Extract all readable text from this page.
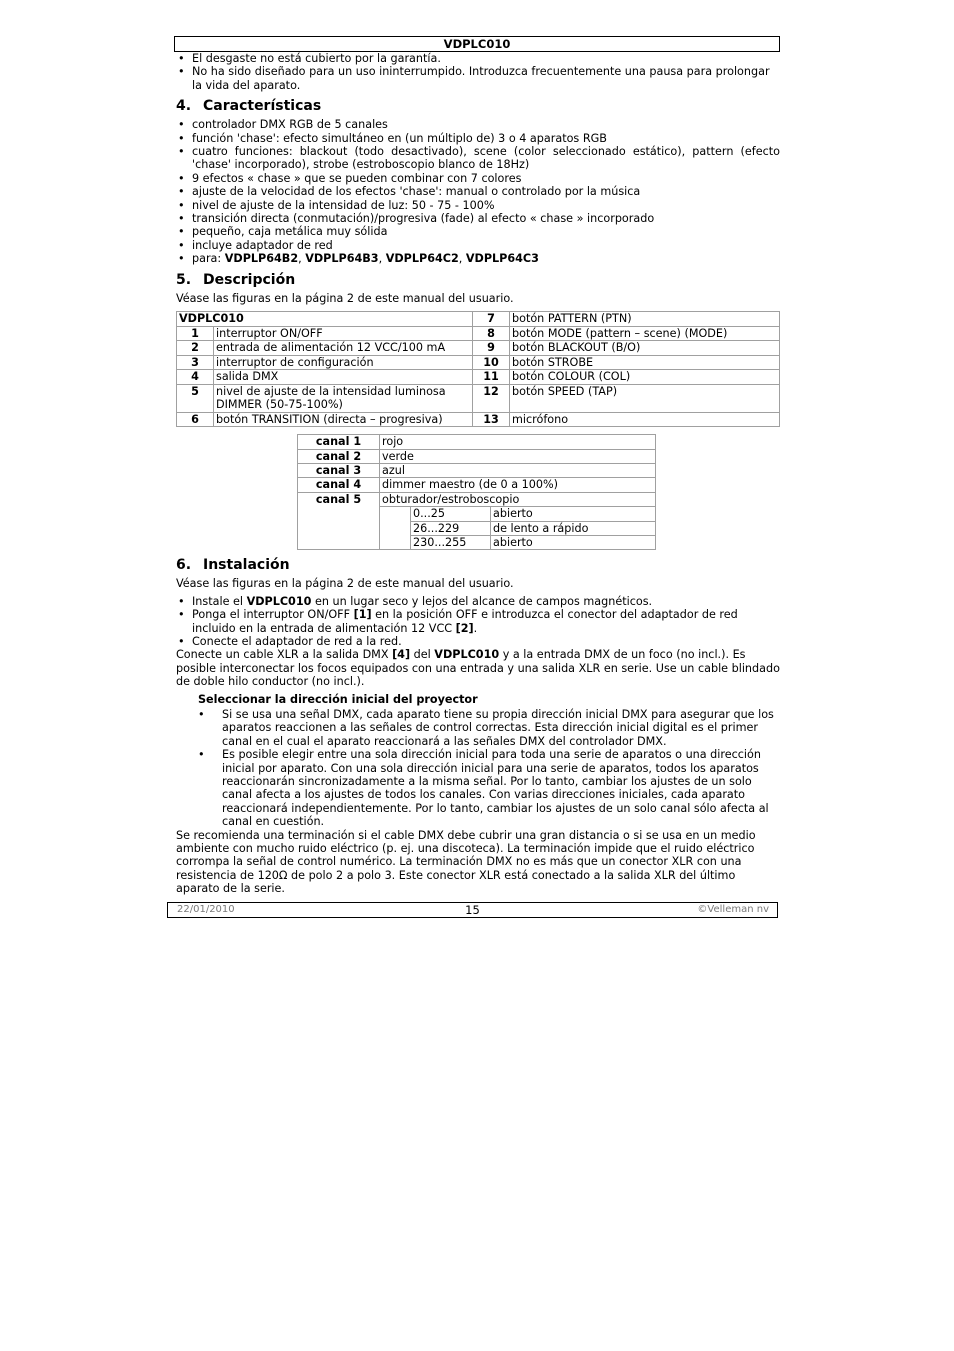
VDPLC010
• El desgaste no está cubierto por la garantía.
• No ha sido diseñado para un uso ininterrumpido. Introduzca frecuentemente una pausa para prolongar la vida del aparato.
4. Características
• controlador DMX RGB de 5 canales
• función 'chase': efecto simultáneo en (un múltiplo de) 3 o 4 aparatos RGB
• cuatro funciones: blackout (todo desactivado), scene (color seleccionado estático), pattern (efecto 'chase' incorporado), strobe (estroboscopio blanco de 18Hz)
• 9 efectos « chase » que se pueden combinar con 7 colores
• ajuste de la velocidad de los efectos 'chase': manual o controlado por la música
• nivel de ajuste de la intensidad de luz: 50 - 75 - 100%
• transición directa (conmutación)/progresiva (fade) al efecto « chase » incorporado
• pequeño, caja metálica muy sólida
• incluye adaptador de red
• para: VDPLP64B2, VDPLP64B3, VDPLP64C2, VDPLP64C3
5. Descripción

Véase las figuras en la página 2 de este manual del usuario.

VDPLC010		7	botón PATTERN (PTN)
1	interruptor ON/OFF	8	botón MODE (pattern – scene) (MODE)
2	entrada de alimentación 12 VCC/100 mA	9	botón BLACKOUT (B/O)
3	interruptor de configuración	10	botón STROBE
4	salida DMX	11	botón COLOUR (COL)
5	nivel de ajuste de la intensidad luminosa DIMMER (50-75-100%)	12	botón SPEED (TAP)
6	botón TRANSITION (directa – progresiva)	13	micrófono
canal 1	rojo		
canal 2	verde		
canal 3	azul		
canal 4	dimmer maestro (de 0 a 100%)		
canal 5	obturador/estroboscopio		
		0...25	abierto
		26...229	de lento a rápido
		230...255	abierto
6. Instalación

Véase las figuras en la página 2 de este manual del usuario.

• Instale el VDPLC010 en un lugar seco y lejos del alcance de campos magnéticos.
• Ponga el interruptor ON/OFF [1] en la posición OFF e introduzca el conector del adaptador de red incluido en la entrada de alimentación 12 VCC [2].
• Conecte el adaptador de red a la red.

Conecte un cable XLR a la salida DMX [4] del VDPLC010 y a la entrada DMX de un foco (no incl.). Es posible interconectar los focos equipados con una entrada y una salida XLR en serie. Use un cable blindado de doble hilo conductor (no incl.).

Seleccionar la dirección inicial del proyector
• Si se usa una señal DMX, cada aparato tiene su propia dirección inicial DMX para asegurar que los aparatos reaccionen a las señales de control correctas. Esta dirección inicial digital es el primer canal en el cual el aparato reaccionará a las señales DMX del controlador DMX.
• Es posible elegir entre una sola dirección inicial para toda una serie de aparatos o una dirección inicial por aparato. Con una sola dirección inicial para una serie de aparatos, todos los aparatos reaccionarán sincronizadamente a la misma señal. Por lo tanto, cambiar los ajustes de un solo canal afecta a los ajustes de todos los canales. Con varias direcciones iniciales, cada aparato reaccionará independientemente. Por lo tanto, cambiar los ajustes de un solo canal sólo afecta al canal en cuestión.

Se recomienda una terminación si el cable DMX debe cubrir una gran distancia o si se usa en un medio ambiente con mucho ruido eléctrico (p. ej. una discoteca). La terminación impide que el ruido eléctrico corrompa la señal de control numérico. La terminación DMX no es más que un conector XLR con una resistencia de 120Ω de polo 2 a polo 3. Este conector XLR está conectado a la salida XLR del último aparato de la serie.

22/01/2010	15	©Velleman nv
